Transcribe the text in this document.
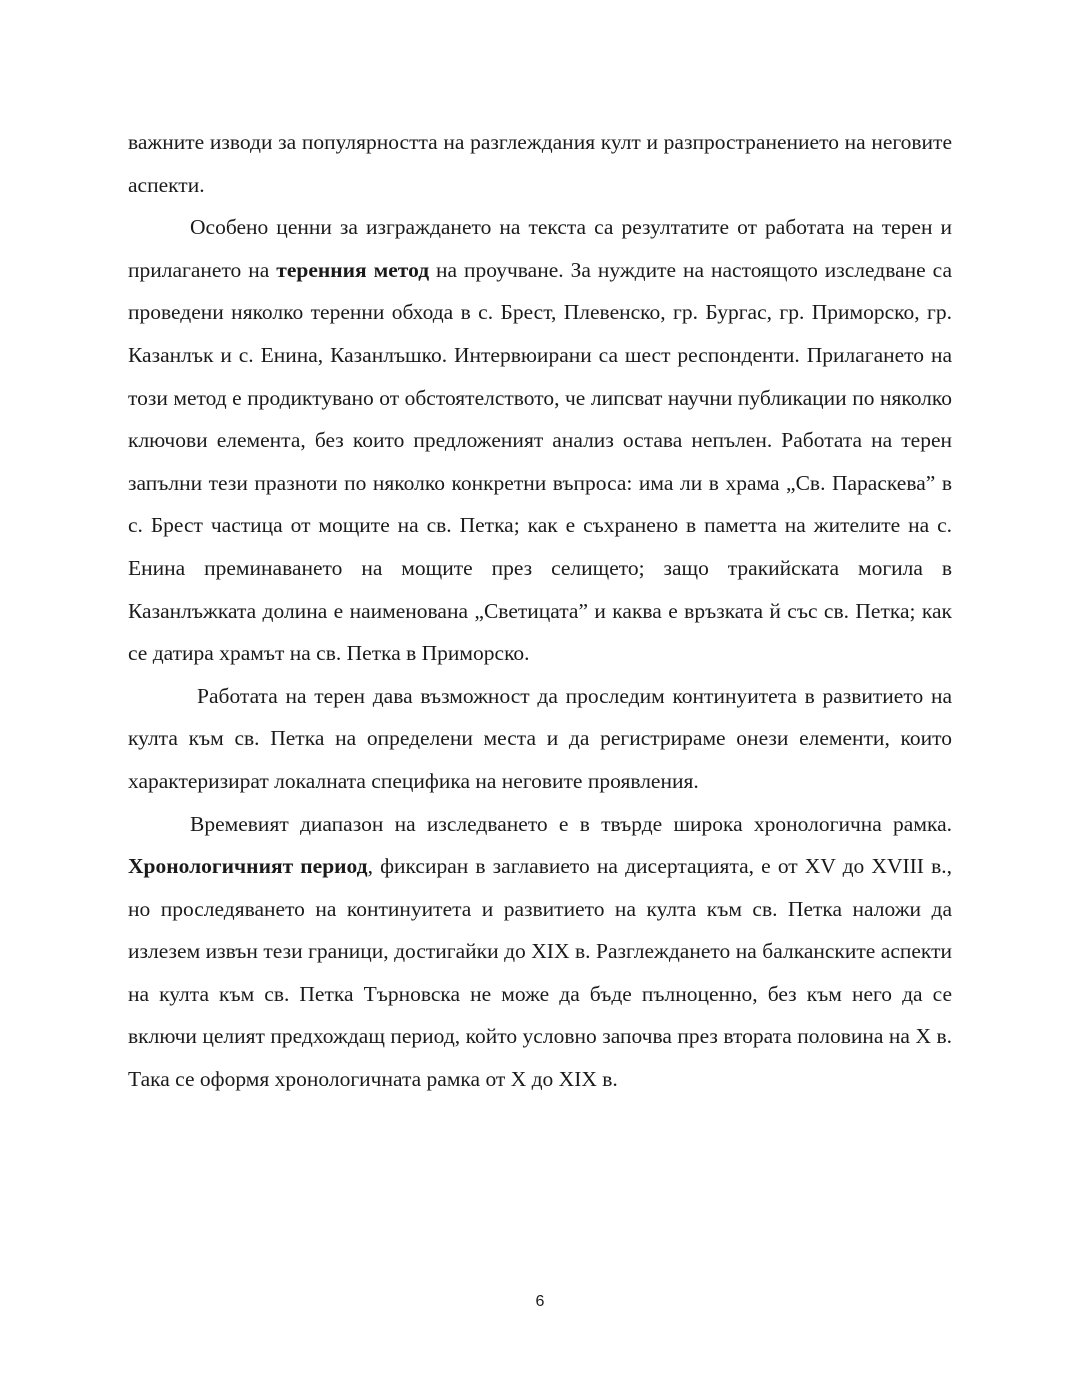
важните изводи за популярността на разглеждания култ и разпространението на неговите аспекти.

Особено ценни за изграждането на текста са резултатите от работата на терен и прилагането на теренния метод на проучване. За нуждите на настоящото изследване са проведени няколко теренни обхода в с. Брест, Плевенско, гр. Бургас, гр. Приморско, гр. Казанлък и с. Енина, Казанлъшко. Интервюирани са шест респонденти. Прилагането на този метод е продиктувано от обстоятелството, че липсват научни публикации по няколко ключови елемента, без които предложеният анализ остава непълен. Работата на терен запълни тези празноти по няколко конкретни въпроса: има ли в храма „Св. Параскева” в с. Брест частица от мощите на св. Петка; как е съхранено в паметта на жителите на с. Енина преминаването на мощите през селището; защо тракийската могила в Казанлъжката долина е наименована „Светицата” и каква е връзката й със св. Петка; как се датира храмът на св. Петка в Приморско.

Работата на терен дава възможност да проследим континуитета в развитието на култа към св. Петка на определени места и да регистрираме онези елементи, които характеризират локалната специфика на неговите проявления.

Времевият диапазон на изследването е в твърде широка хронологична рамка. Хронологичният период, фиксиран в заглавието на дисертацията, е от XV до XVIII в., но проследяването на континуитета и развитието на култа към св. Петка наложи да излезем извън тези граници, достигайки до XIX в. Разглеждането на балканските аспекти на култа към св. Петка Търновска не може да бъде пълноценно, без към него да се включи целият предхождащ период, който условно започва през втората половина на X в. Така се оформя хронологичната рамка от X до XIX в.

6
